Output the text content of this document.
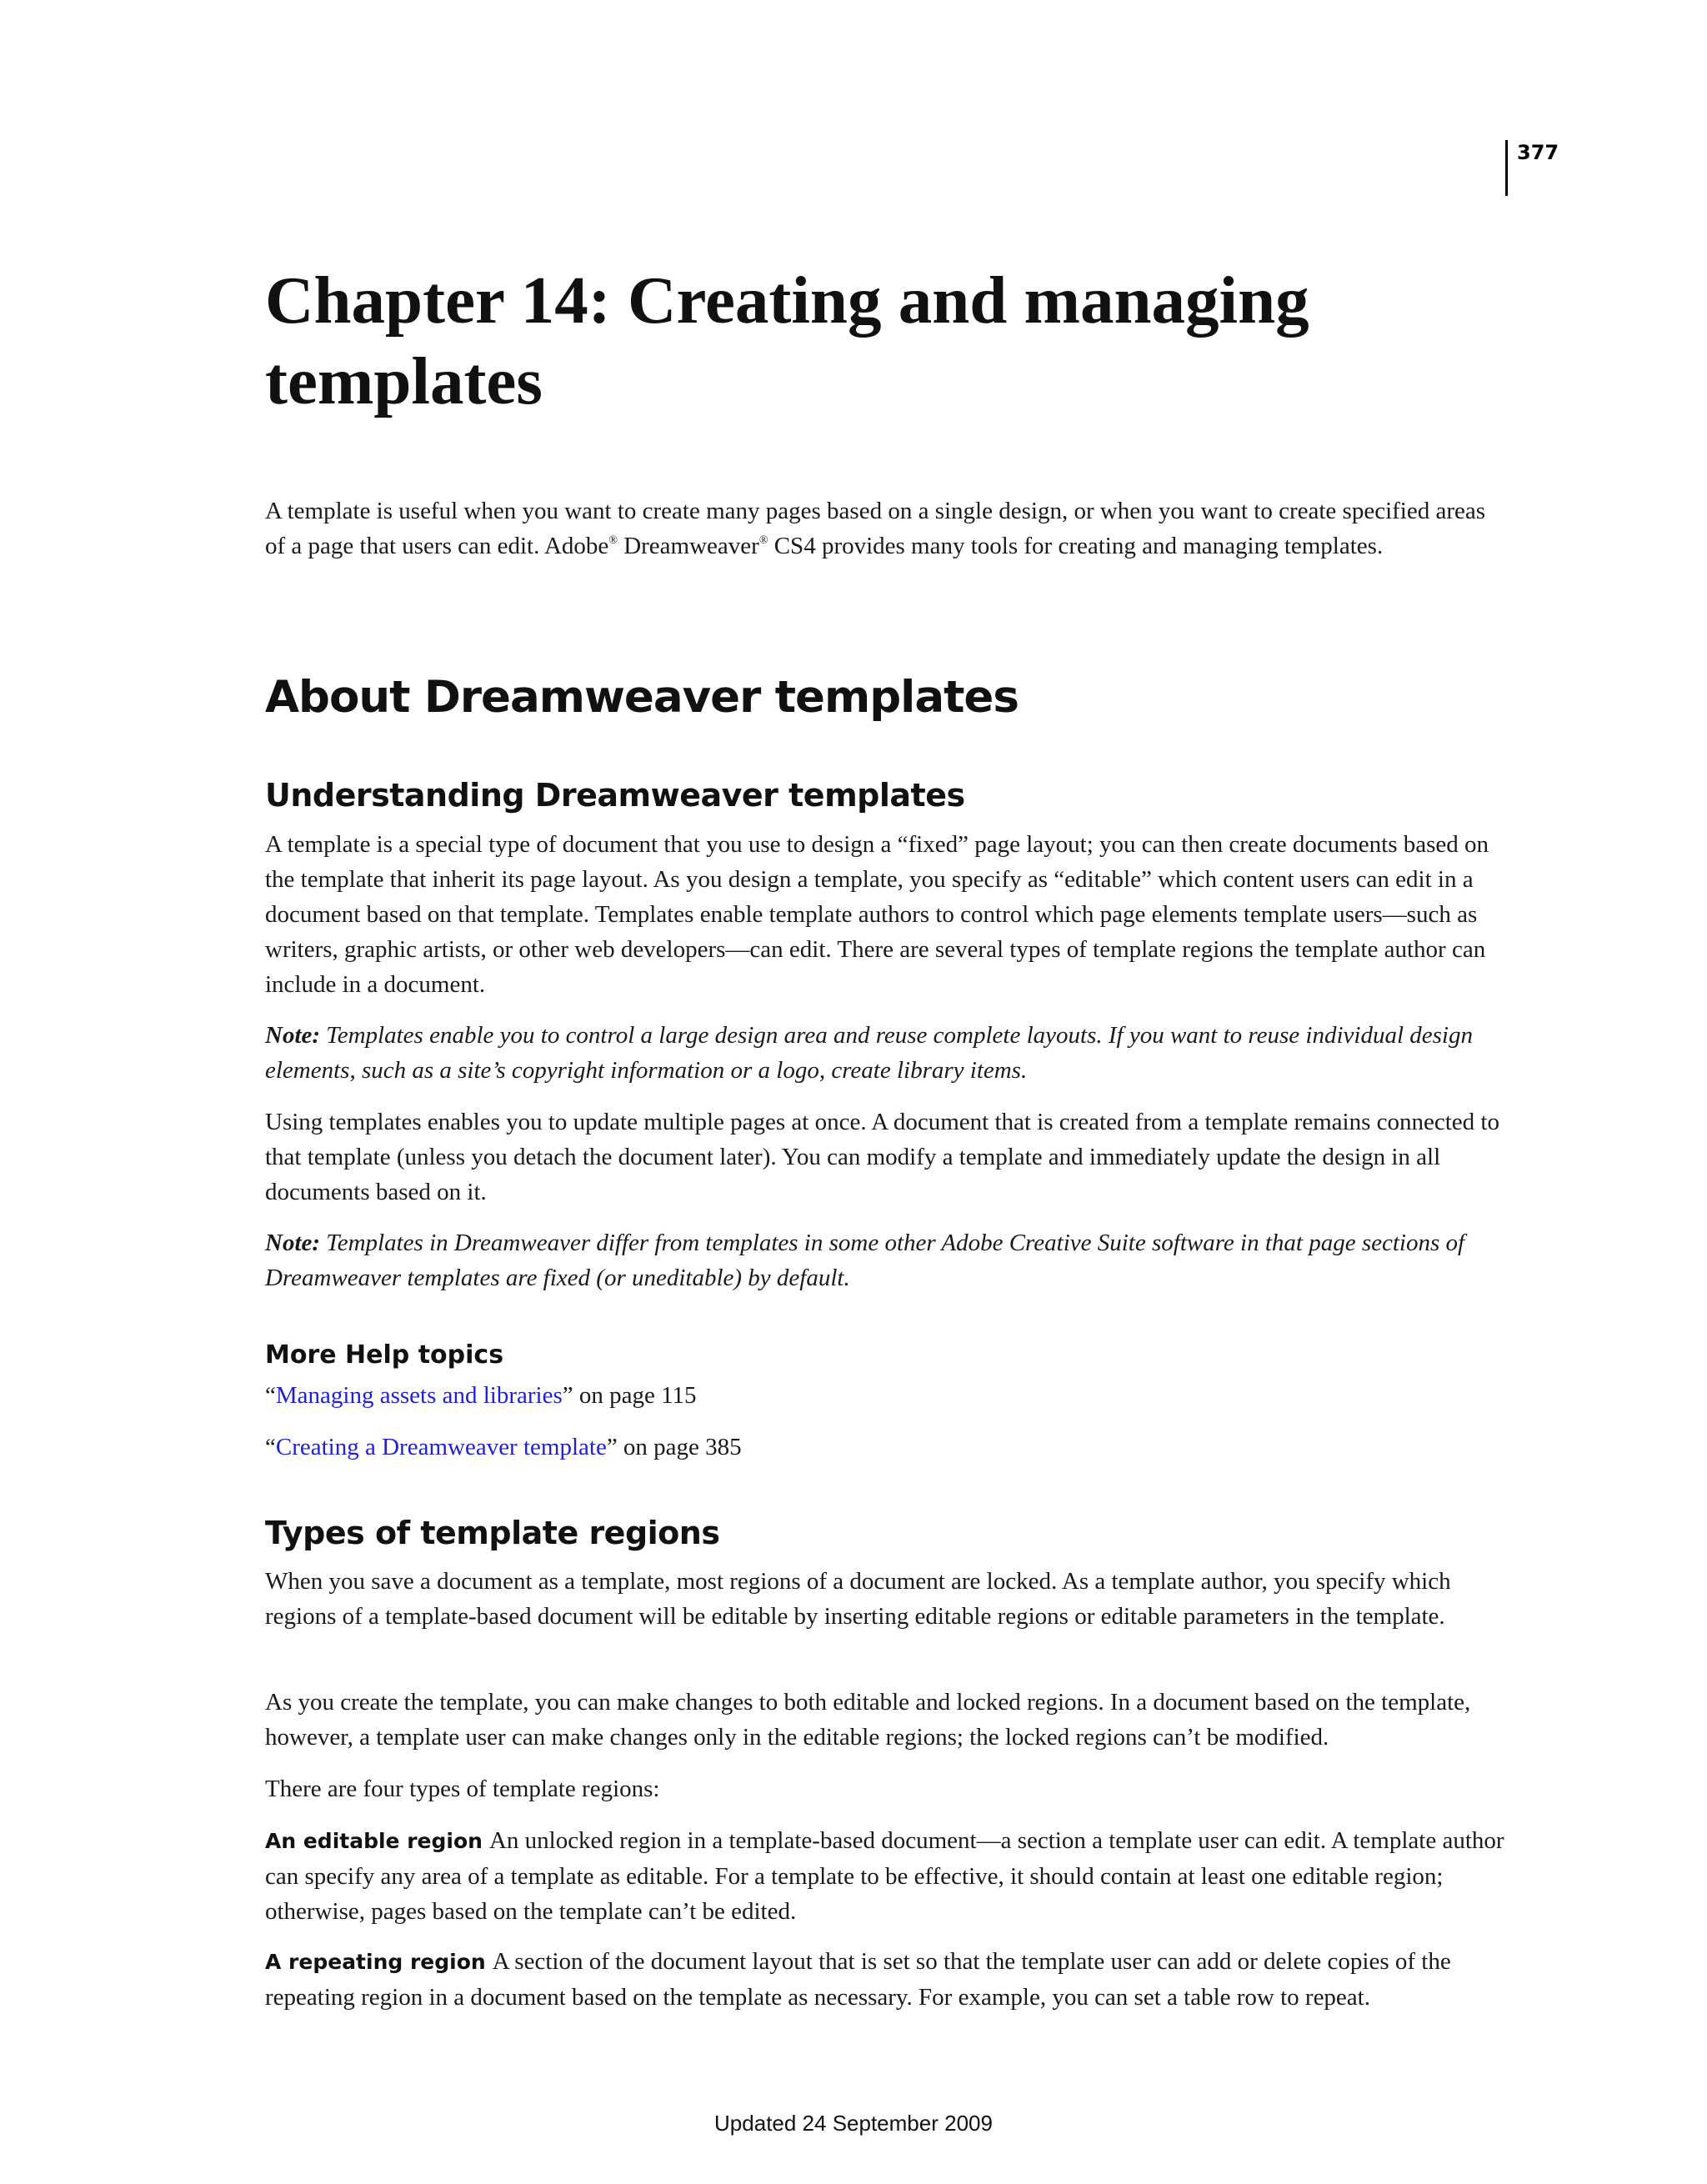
377
Chapter 14: Creating and managing templates

A template is useful when you want to create many pages based on a single design, or when you want to create specified areas of a page that users can edit. Adobe® Dreamweaver® CS4 provides many tools for creating and managing templates.

About Dreamweaver templates
Understanding Dreamweaver templates

A template is a special type of document that you use to design a “fixed” page layout; you can then create documents based on the template that inherit its page layout. As you design a template, you specify as “editable” which content users can edit in a document based on that template. Templates enable template authors to control which page elements template users—such as writers, graphic artists, or other web developers—can edit. There are several types of template regions the template author can include in a document.

Note: Templates enable you to control a large design area and reuse complete layouts. If you want to reuse individual design elements, such as a site’s copyright information or a logo, create library items.

Using templates enables you to update multiple pages at once. A document that is created from a template remains connected to that template (unless you detach the document later). You can modify a template and immediately update the design in all documents based on it.

Note: Templates in Dreamweaver differ from templates in some other Adobe Creative Suite software in that page sections of Dreamweaver templates are fixed (or uneditable) by default.

More Help topics

“Managing assets and libraries” on page 115

“Creating a Dreamweaver template” on page 385

Types of template regions

When you save a document as a template, most regions of a document are locked. As a template author, you specify which regions of a template-based document will be editable by inserting editable regions or editable parameters in the template.

As you create the template, you can make changes to both editable and locked regions. In a document based on the template, however, a template user can make changes only in the editable regions; the locked regions can’t be modified.

There are four types of template regions:

An editable region An unlocked region in a template-based document—a section a template user can edit. A template author can specify any area of a template as editable. For a template to be effective, it should contain at least one editable region; otherwise, pages based on the template can’t be edited.

A repeating region A section of the document layout that is set so that the template user can add or delete copies of the repeating region in a document based on the template as necessary. For example, you can set a table row to repeat.

Updated 24 September 2009
